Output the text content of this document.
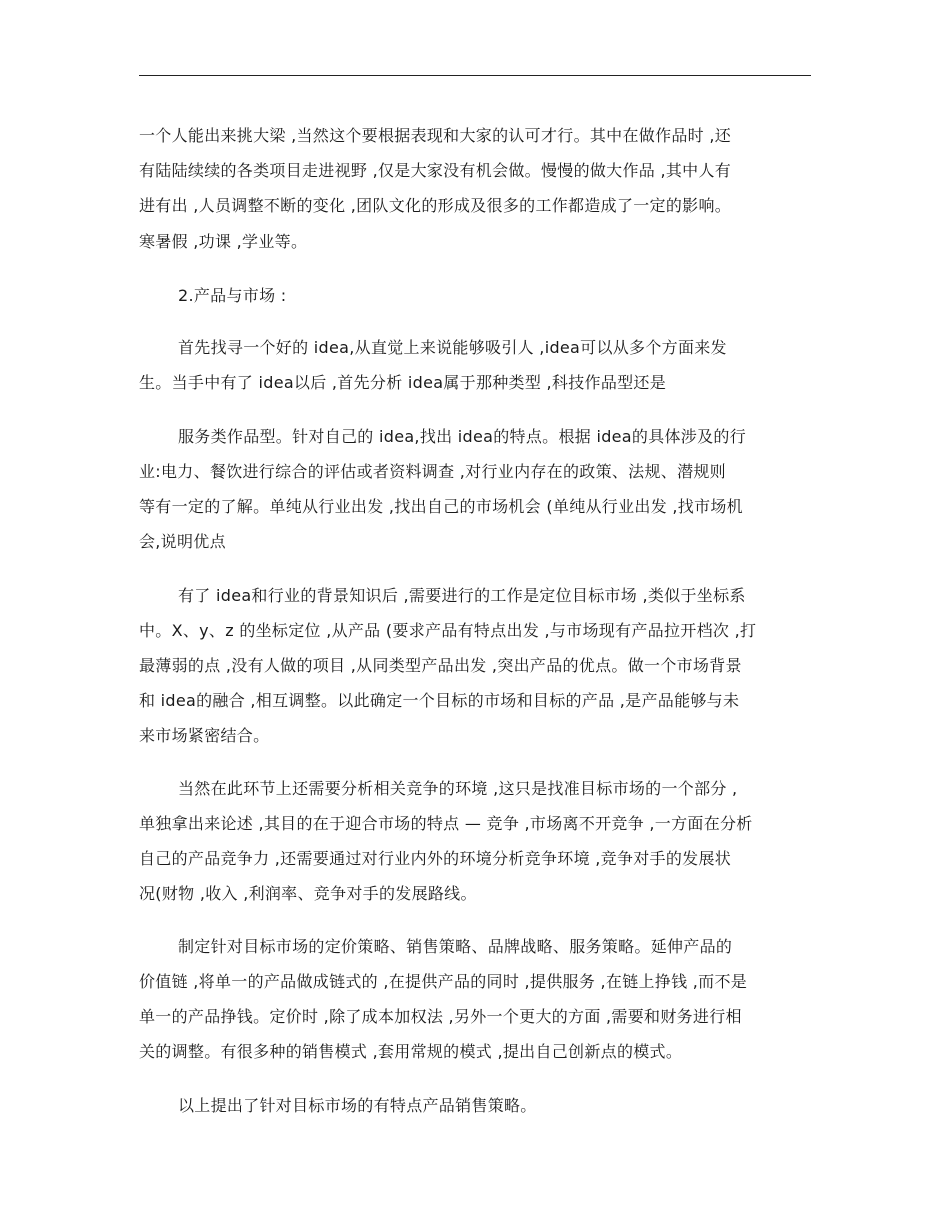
一个人能出来挑大梁 ,当然这个要根据表现和大家的认可才行。其中在做作品时 ,还
有陆陆续续的各类项目走进视野 ,仅是大家没有机会做。慢慢的做大作品 ,其中人有
进有出 ,人员调整不断的变化 ,团队文化的形成及很多的工作都造成了一定的影响。
寒暑假 ,功课 ,学业等。
2.产品与市场 :
首先找寻一个好的 idea,从直觉上来说能够吸引人 ,idea可以从多个方面来发
生。当手中有了 idea以后 ,首先分析 idea属于那种类型 ,科技作品型还是
服务类作品型。针对自己的 idea,找出 idea的特点。根据 idea的具体涉及的行
业:电力、餐饮进行综合的评估或者资料调查 ,对行业内存在的政策、法规、潜规则
等有一定的了解。单纯从行业出发 ,找出自己的市场机会 (单纯从行业出发 ,找市场机
会,说明优点
有了 idea和行业的背景知识后 ,需要进行的工作是定位目标市场 ,类似于坐标系
中。X、y、z 的坐标定位 ,从产品 (要求产品有特点出发 ,与市场现有产品拉开档次 ,打
最薄弱的点 ,没有人做的项目 ,从同类型产品出发 ,突出产品的优点。做一个市场背景
和 idea的融合 ,相互调整。以此确定一个目标的市场和目标的产品 ,是产品能够与未
来市场紧密结合。
当然在此环节上还需要分析相关竞争的环境 ,这只是找准目标市场的一个部分 ,
单独拿出来论述 ,其目的在于迎合市场的特点 — 竞争 ,市场离不开竞争 ,一方面在分析
自己的产品竞争力 ,还需要通过对行业内外的环境分析竞争环境 ,竞争对手的发展状
况(财物 ,收入 ,利润率、竞争对手的发展路线。
制定针对目标市场的定价策略、销售策略、品牌战略、服务策略。延伸产品的
价值链 ,将单一的产品做成链式的 ,在提供产品的同时 ,提供服务 ,在链上挣钱 ,而不是
单一的产品挣钱。定价时 ,除了成本加权法 ,另外一个更大的方面 ,需要和财务进行相
关的调整。有很多种的销售模式 ,套用常规的模式 ,提出自己创新点的模式。
以上提出了针对目标市场的有特点产品销售策略。
